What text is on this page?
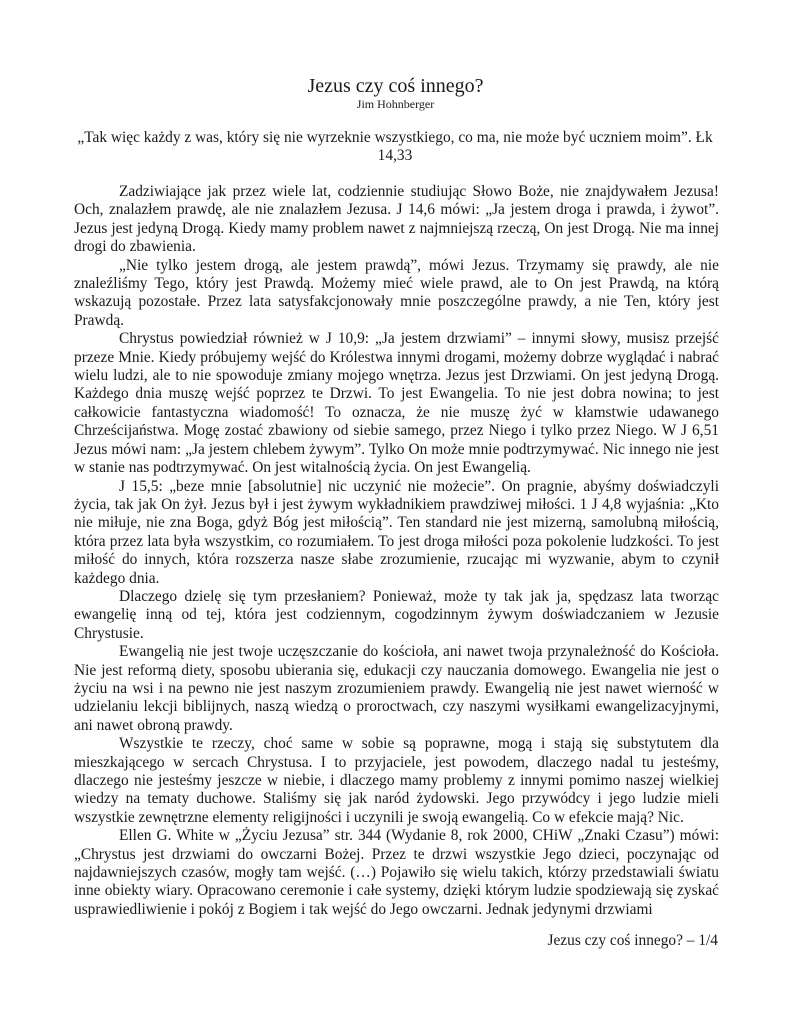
Jezus czy coś innego?
Jim Hohnberger
„Tak więc każdy z was, który się nie wyrzeknie wszystkiego, co ma, nie może być uczniem moim”. Łk 14,33

Zadziwiające jak przez wiele lat, codziennie studiując Słowo Boże, nie znajdywałem Jezusa! Och, znalazłem prawdę, ale nie znalazłem Jezusa. J 14,6 mówi: „Ja jestem droga i prawda, i żywot”. Jezus jest jedyną Drogą. Kiedy mamy problem nawet z najmniejszą rzeczą, On jest Drogą. Nie ma innej drogi do zbawienia.

„Nie tylko jestem drogą, ale jestem prawdą”, mówi Jezus. Trzymamy się prawdy, ale nie znaleźliśmy Tego, który jest Prawdą. Możemy mieć wiele prawd, ale to On jest Prawdą, na którą wskazują pozostałe. Przez lata satysfakcjonowały mnie poszczególne prawdy, a nie Ten, który jest Prawdą.

Chrystus powiedział również w J 10,9: „Ja jestem drzwiami” – innymi słowy, musisz przejść przeze Mnie. Kiedy próbujemy wejść do Królestwa innymi drogami, możemy dobrze wyglądać i nabrać wielu ludzi, ale to nie spowoduje zmiany mojego wnętrza. Jezus jest Drzwiami. On jest jedyną Drogą. Każdego dnia muszę wejść poprzez te Drzwi. To jest Ewangelia. To nie jest dobra nowina; to jest całkowicie fantastyczna wiadomość! To oznacza, że nie muszę żyć w kłamstwie udawanego Chrześcijaństwa. Mogę zostać zbawiony od siebie samego, przez Niego i tylko przez Niego. W J 6,51 Jezus mówi nam: „Ja jestem chlebem żywym”. Tylko On może mnie podtrzymywać. Nic innego nie jest w stanie nas podtrzymywać. On jest witalnością życia. On jest Ewangelią.

J 15,5: „beze mnie [absolutnie] nic uczynić nie możecie”. On pragnie, abyśmy doświadczyli życia, tak jak On żył. Jezus był i jest żywym wykładnikiem prawdziwej miłości. 1 J 4,8 wyjaśnia: „Kto nie miłuje, nie zna Boga, gdyż Bóg jest miłością”. Ten standard nie jest mizerną, samolubną miłością, która przez lata była wszystkim, co rozumiałem. To jest droga miłości poza pokolenie ludzkości. To jest miłość do innych, która rozszerza nasze słabe zrozumienie, rzucając mi wyzwanie, abym to czynił każdego dnia.

Dlaczego dzielę się tym przesłaniem? Ponieważ, może ty tak jak ja, spędzasz lata tworząc ewangelię inną od tej, która jest codziennym, cogodzinnym żywym doświadczaniem w Jezusie Chrystusie.

Ewangelią nie jest twoje uczęszczanie do kościoła, ani nawet twoja przynależność do Kościoła. Nie jest reformą diety, sposobu ubierania się, edukacji czy nauczania domowego. Ewangelia nie jest o życiu na wsi i na pewno nie jest naszym zrozumieniem prawdy. Ewangelią nie jest nawet wierność w udzielaniu lekcji biblijnych, naszą wiedzą o proroctwach, czy naszymi wysiłkami ewangelizacyjnymi, ani nawet obroną prawdy.

Wszystkie te rzeczy, choć same w sobie są poprawne, mogą i stają się substytutem dla mieszkającego w sercach Chrystusa. I to przyjaciele, jest powodem, dlaczego nadal tu jesteśmy, dlaczego nie jesteśmy jeszcze w niebie, i dlaczego mamy problemy z innymi pomimo naszej wielkiej wiedzy na tematy duchowe. Staliśmy się jak naród żydowski. Jego przywódcy i jego ludzie mieli wszystkie zewnętrzne elementy religijności i uczynili je swoją ewangelią. Co w efekcie mają? Nic.

Ellen G. White w „Życiu Jezusa” str. 344 (Wydanie 8, rok 2000, CHiW „Znaki Czasu”) mówi: „Chrystus jest drzwiami do owczarni Bożej. Przez te drzwi wszystkie Jego dzieci, poczynając od najdawniejszych czasów, mogły tam wejść. (…) Pojawiło się wielu takich, którzy przedstawiali światu inne obiekty wiary. Opracowano ceremonie i całe systemy, dzięki którym ludzie spodziewają się zyskać usprawiedliwienie i pokój z Bogiem i tak wejść do Jego owczarni. Jednak jedynymi drzwiami

Jezus czy coś innego? – 1/4
